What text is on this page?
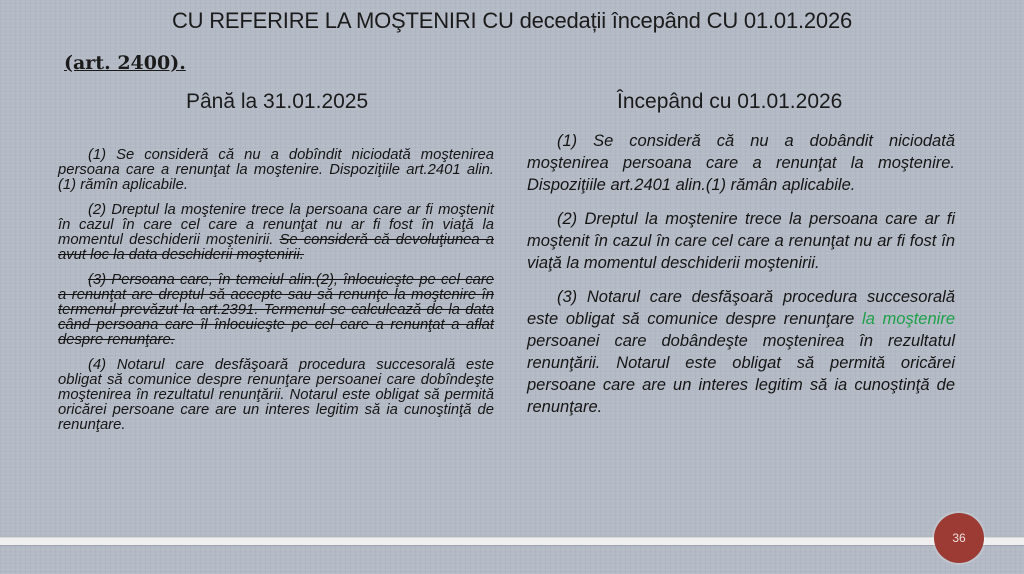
CU REFERIRE LA MOŞTENIRI CU decedații începând CU 01.01.2026
(art. 2400).
Până la 31.01.2025	Începând cu 01.01.2026

(1) Se consideră că nu a dobîndit niciodată moştenirea persoana care a renunţat la moştenire. Dispoziţiile art.2401 alin.(1) rămîn aplicabile.

(2) Dreptul la moştenire trece la persoana care ar fi moştenit în cazul în care cel care a renunţat nu ar fi fost în viaţă la momentul deschiderii moştenirii. Se consideră că devoluţiunea a avut loc la data deschiderii moştenirii.

(3) Persoana care, în temeiul alin.(2), înlocuieşte pe cel care a renunţat are dreptul să accepte sau să renunţe la moştenire în termenul prevăzut la art.2391. Termenul se calculează de la data când persoana care îl înlocuieşte pe cel care a renunţat a aflat despre renunţare.

(4) Notarul care desfăşoară procedura succesorală este obligat să comunice despre renunţare persoanei care dobîndeşte moştenirea în rezultatul renunţării. Notarul este obligat să permită oricărei persoane care are un interes legitim să ia cunoştinţă de renunţare.

(1) Se consideră că nu a dobândit niciodată moştenirea persoana care a renunţat la moştenire. Dispoziţiile art.2401 alin.(1) rămân aplicabile.

(2) Dreptul la moştenire trece la persoana care ar fi moştenit în cazul în care cel care a renunţat nu ar fi fost în viaţă la momentul deschiderii moştenirii.

(3) Notarul care desfăşoară procedura succesorală este obligat să comunice despre renunţare la moştenire persoanei care dobândeşte moştenirea în rezultatul renunţării. Notarul este obligat să permită oricărei persoane care are un interes legitim să ia cunoştinţă de renunţare.

36
